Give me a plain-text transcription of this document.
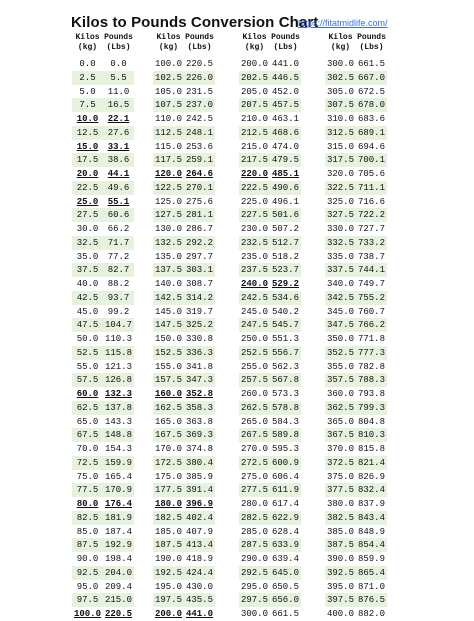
Kilos to Pounds Conversion Chart
https://fitatmidlife.com/
Kilos
(kg)
Pounds
(Lbs)
0.0	0.0
2.5	5.5
5.0	11.0
7.5	16.5
10.0	22.1
12.5	27.6
15.0	33.1
17.5	38.6
20.0	44.1
22.5	49.6
25.0	55.1
27.5	60.6
30.0	66.2
32.5	71.7
35.0	77.2
37.5	82.7
40.0	88.2
42.5	93.7
45.0	99.2
47.5 104.7
50.0 110.3
52.5 115.8
55.0 121.3
57.5 126.8
60.0 132.3
62.5 137.8
65.0 143.3
67.5 148.8
70.0 154.3
72.5 159.9
75.0 165.4
77.5 170.9
80.0 176.4
82.5 181.9
85.0 187.4
87.5 192.9
90.0 198.4
92.5 204.0
95.0 209.4
97.5 215.0
100.0 220.5
Kilos
(kg)
Pounds
(Lbs)
100.0 220.5
102.5 226.0
105.0 231.5
107.5 237.0
110.0 242.5
112.5 248.1
115.0 253.6
117.5 259.1
120.0 264.6
122.5 270.1
125.0 275.6
127.5 281.1
130.0 286.7
132.5 292.2
135.0 297.7
137.5 303.1
140.0 308.7
142.5 314.2
145.0 319.7
147.5 325.2
150.0 330.8
152.5 336.3
155.0 341.8
157.5 347.3
160.0 352.8
162.5 358.3
165.0 363.8
167.5 369.3
170.0 374.8
172.5 380.4
175.0 385.9
177.5 391.4
180.0 396.9
182.5 402.4
185.0 407.9
187.5 413.4
190.0 418.9
192.5 424.4
195.0 430.0
197.5 435.5
200.0 441.0
Kilos
(kg)
Pounds
(Lbs)
200.0 441.0
202.5 446.5
205.0 452.0
207.5 457.5
210.0 463.1
212.5 468.6
215.0 474.0
217.5 479.5
220.0 485.1
222.5 490.6
225.0 496.1
227.5 501.6
230.0 507.2
232.5 512.7
235.0 518.2
237.5 523.7
240.0 529.2
242.5 534.6
245.0 540.2
247.5 545.7
250.0 551.3
252.5 556.7
255.0 562.3
257.5 567.8
260.0 573.3
262.5 578.8
265.0 584.3
267.5 589.8
270.0 595.3
272.5 600.9
275.0 606.4
277.5 611.9
280.0 617.4
282.5 622.9
285.0 628.4
287.5 633.9
290.0 639.4
292.5 645.0
295.0 650.5
297.5 656.0
300.0 661.5
Kilos
(kg)
Pounds
(Lbs)
300.0 661.5
302.5 667.0
305.0 672.5
307.5 678.0
310.0 683.6
312.5 689.1
315.0 694.6
317.5 700.1
320.0 705.6
322.5 711.1
325.0 716.6
327.5 722.2
330.0 727.7
332.5 733.2
335.0 738.7
337.5 744.1
340.0 749.7
342.5 755.2
345.0 760.7
347.5 766.2
350.0 771.8
352.5 777.3
355.0 782.8
357.5 788.3
360.0 793.8
362.5 799.3
365.0 804.8
367.5 810.3
370.0 815.8
372.5 821.4
375.0 826.9
377.5 832.4
380.0 837.9
382.5 843.4
385.0 848.9
387.5 854.4
390.0 859.9
392.5 865.4
395.0 871.0
397.5 876.5
400.0 882.0
